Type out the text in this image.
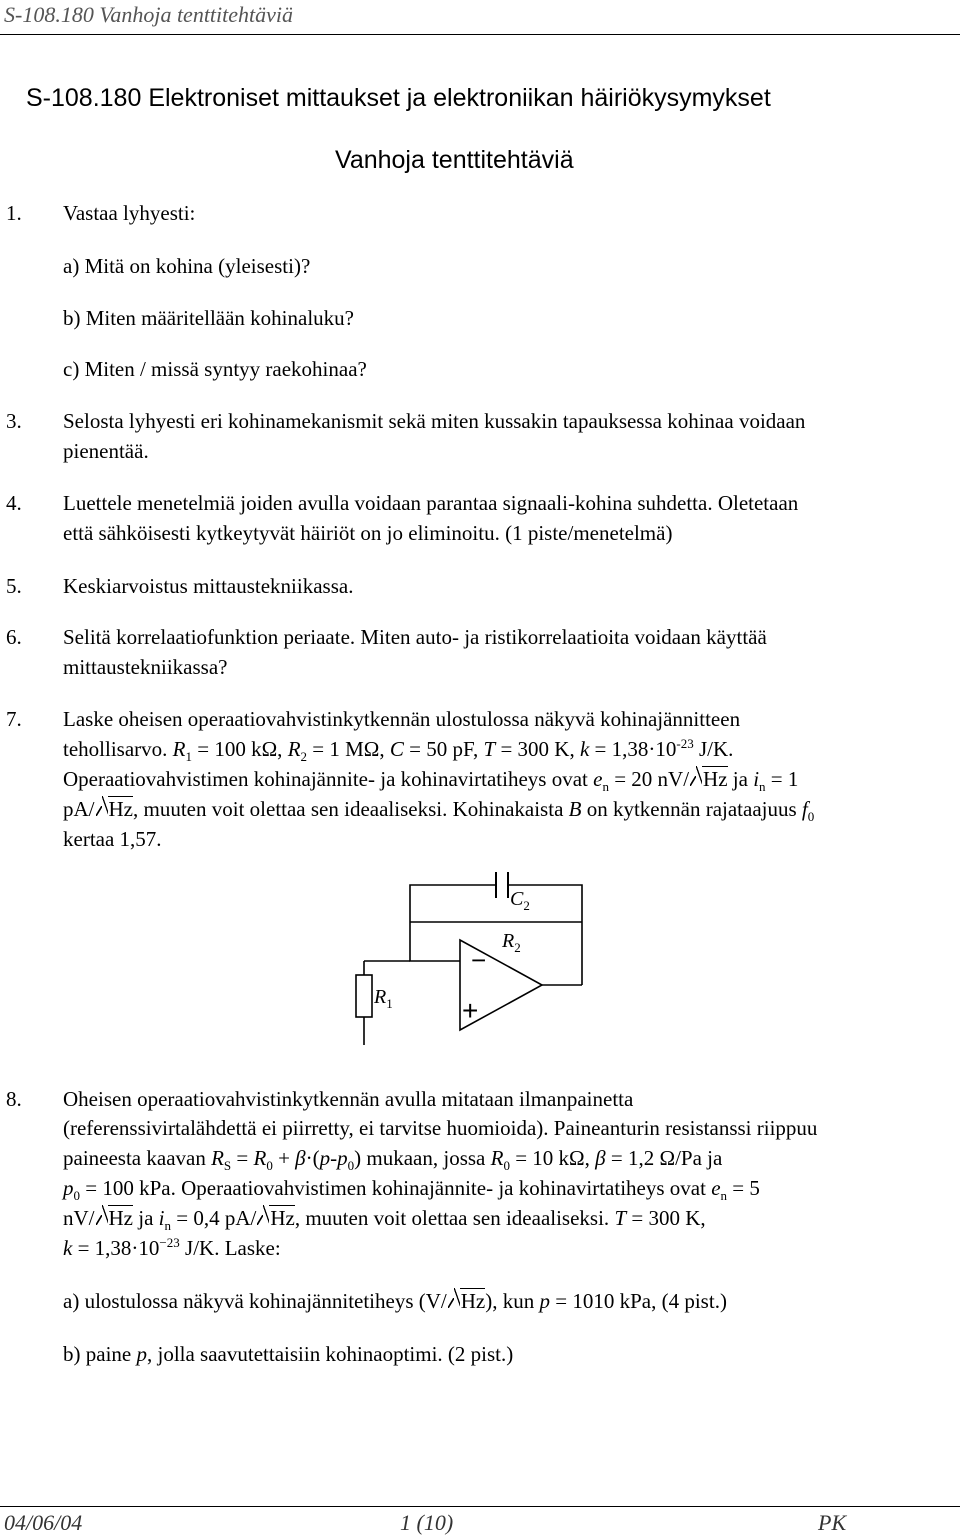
S-108.180 Vanhoja tenttitehtäviä
S-108.180 Elektroniset mittaukset ja elektroniikan häiriökysymykset
Vanhoja tenttitehtäviä
1. Vastaa lyhyesti:
a) Mitä on kohina (yleisesti)?
b) Miten määritellään kohinaluku?
c) Miten / missä syntyy raekohinaa?
3. Selosta lyhyesti eri kohinamekanismit sekä miten kussakin tapauksessa kohinaa voidaan
pienentää.
4. Luettele menetelmiä joiden avulla voidaan parantaa signaali-kohina suhdetta. Oletetaan
että sähköisesti kytkeytyvät häiriöt on jo eliminoitu. (1 piste/menetelmä)
5. Keskiarvoistus mittaustekniikassa.
6. Selitä korrelaatiofunktion periaate. Miten auto- ja ristikorrelaatioita voidaan käyttää
mittaustekniikassa?
7. Laske oheisen operaatiovahvistinkytkennän ulostulossa näkyvä kohinajännitteen
tehollisarvo. $R_1 = 100$ kΩ, $R_2 = 1$ MΩ, C = 50 pF, T = 300 K, $k = 1,38\cdot 10^{-23}$ J/K.
Operaatiovahvistimen kohinajännite- ja kohinavirtatiheys ovat $e_n = 20$ nV/ Hz ja $i_n = 1$
pA/ Hz, muuten voit olettaa sen ideaaliseksi. Kohinakaista B on kytkennän rajataajuus $f_0$
kertaa 1,57.
$C_2$
$R_2$
$R_1$
−
+
8. Oheisen operaatiovahvistinkytkennän avulla mitataan ilmanpainetta
(referenssivirtalähdettä ei piirretty, ei tarvitse huomioida). Paineanturin resistanssi riippuu
paineesta kaavan $R_S = R_0 + \beta\cdot(p-p_0)$ mukaan, jossa $R_0 = 10$ kΩ, β = 1,2 Ω/Pa ja
$p_0 = 100$ kPa. Operaatiovahvistimen kohinajännite- ja kohinavirtatiheys ovat $e_n = 5$
nV/ Hz ja $i_n = 0,4$ pA/ Hz, muuten voit olettaa sen ideaaliseksi. T = 300 K,
$k = 1,38\cdot 10^{-23}$ J/K. Laske:
a) ulostulossa näkyvä kohinajännitetiheys (V/ Hz), kun p = 1010 kPa, (4 pist.)
b) paine p, jolla saavutettaisiin kohinaoptimi. (2 pist.)
04/06/04	1 (10)	PK
